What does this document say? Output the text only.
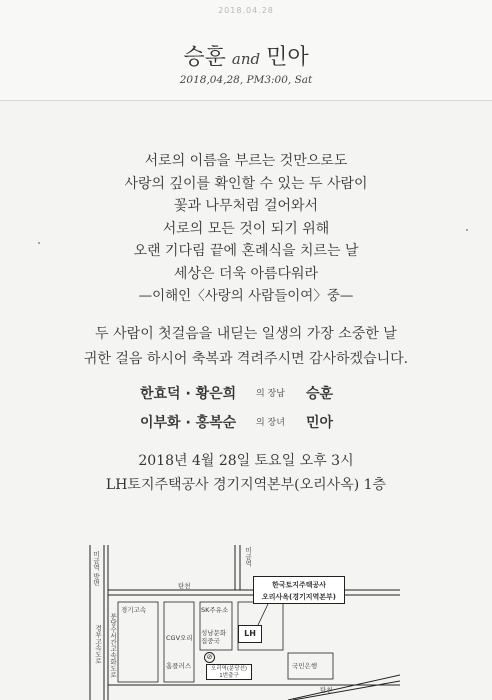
2018.04.28
승훈 and 민아
2018,04,28, PM3:00, Sat
서로의 이름을 부르는 것만으로도
사랑의 깊이를 확인할 수 있는 두 사람이
꽃과 나무처럼 걸어와서
서로의 모든 것이 되기 위해
오랜 기다림 끝에 혼례식을 치르는 날
세상은 더욱 아름다워라
—이해인〈사랑의 사람들이여〉중—
두 사람이 첫걸음을 내딛는 일생의 가장 소중한 날
귀한 걸음 하시어 축복과 격려주시면 감사하겠습니다.
한효덕 · 황은희 의 장남 승훈
이부화 · 홍복순 의 장녀 민아
2018년 4월 28일 토요일 오후 3시
LH토지주택공사 경기지역본부(오리사옥) 1층
미금역 방면
경부고속도로 분당수서간고속화도로
탄천
미금역
탄천
한국토지주택공사
오리사옥(경기지역본부)
LH
경기고속	SK주유소
CGV오리
성남문화
집중국
홈플러스	국민은행
⊘
오리역(분당선)
1번출구
